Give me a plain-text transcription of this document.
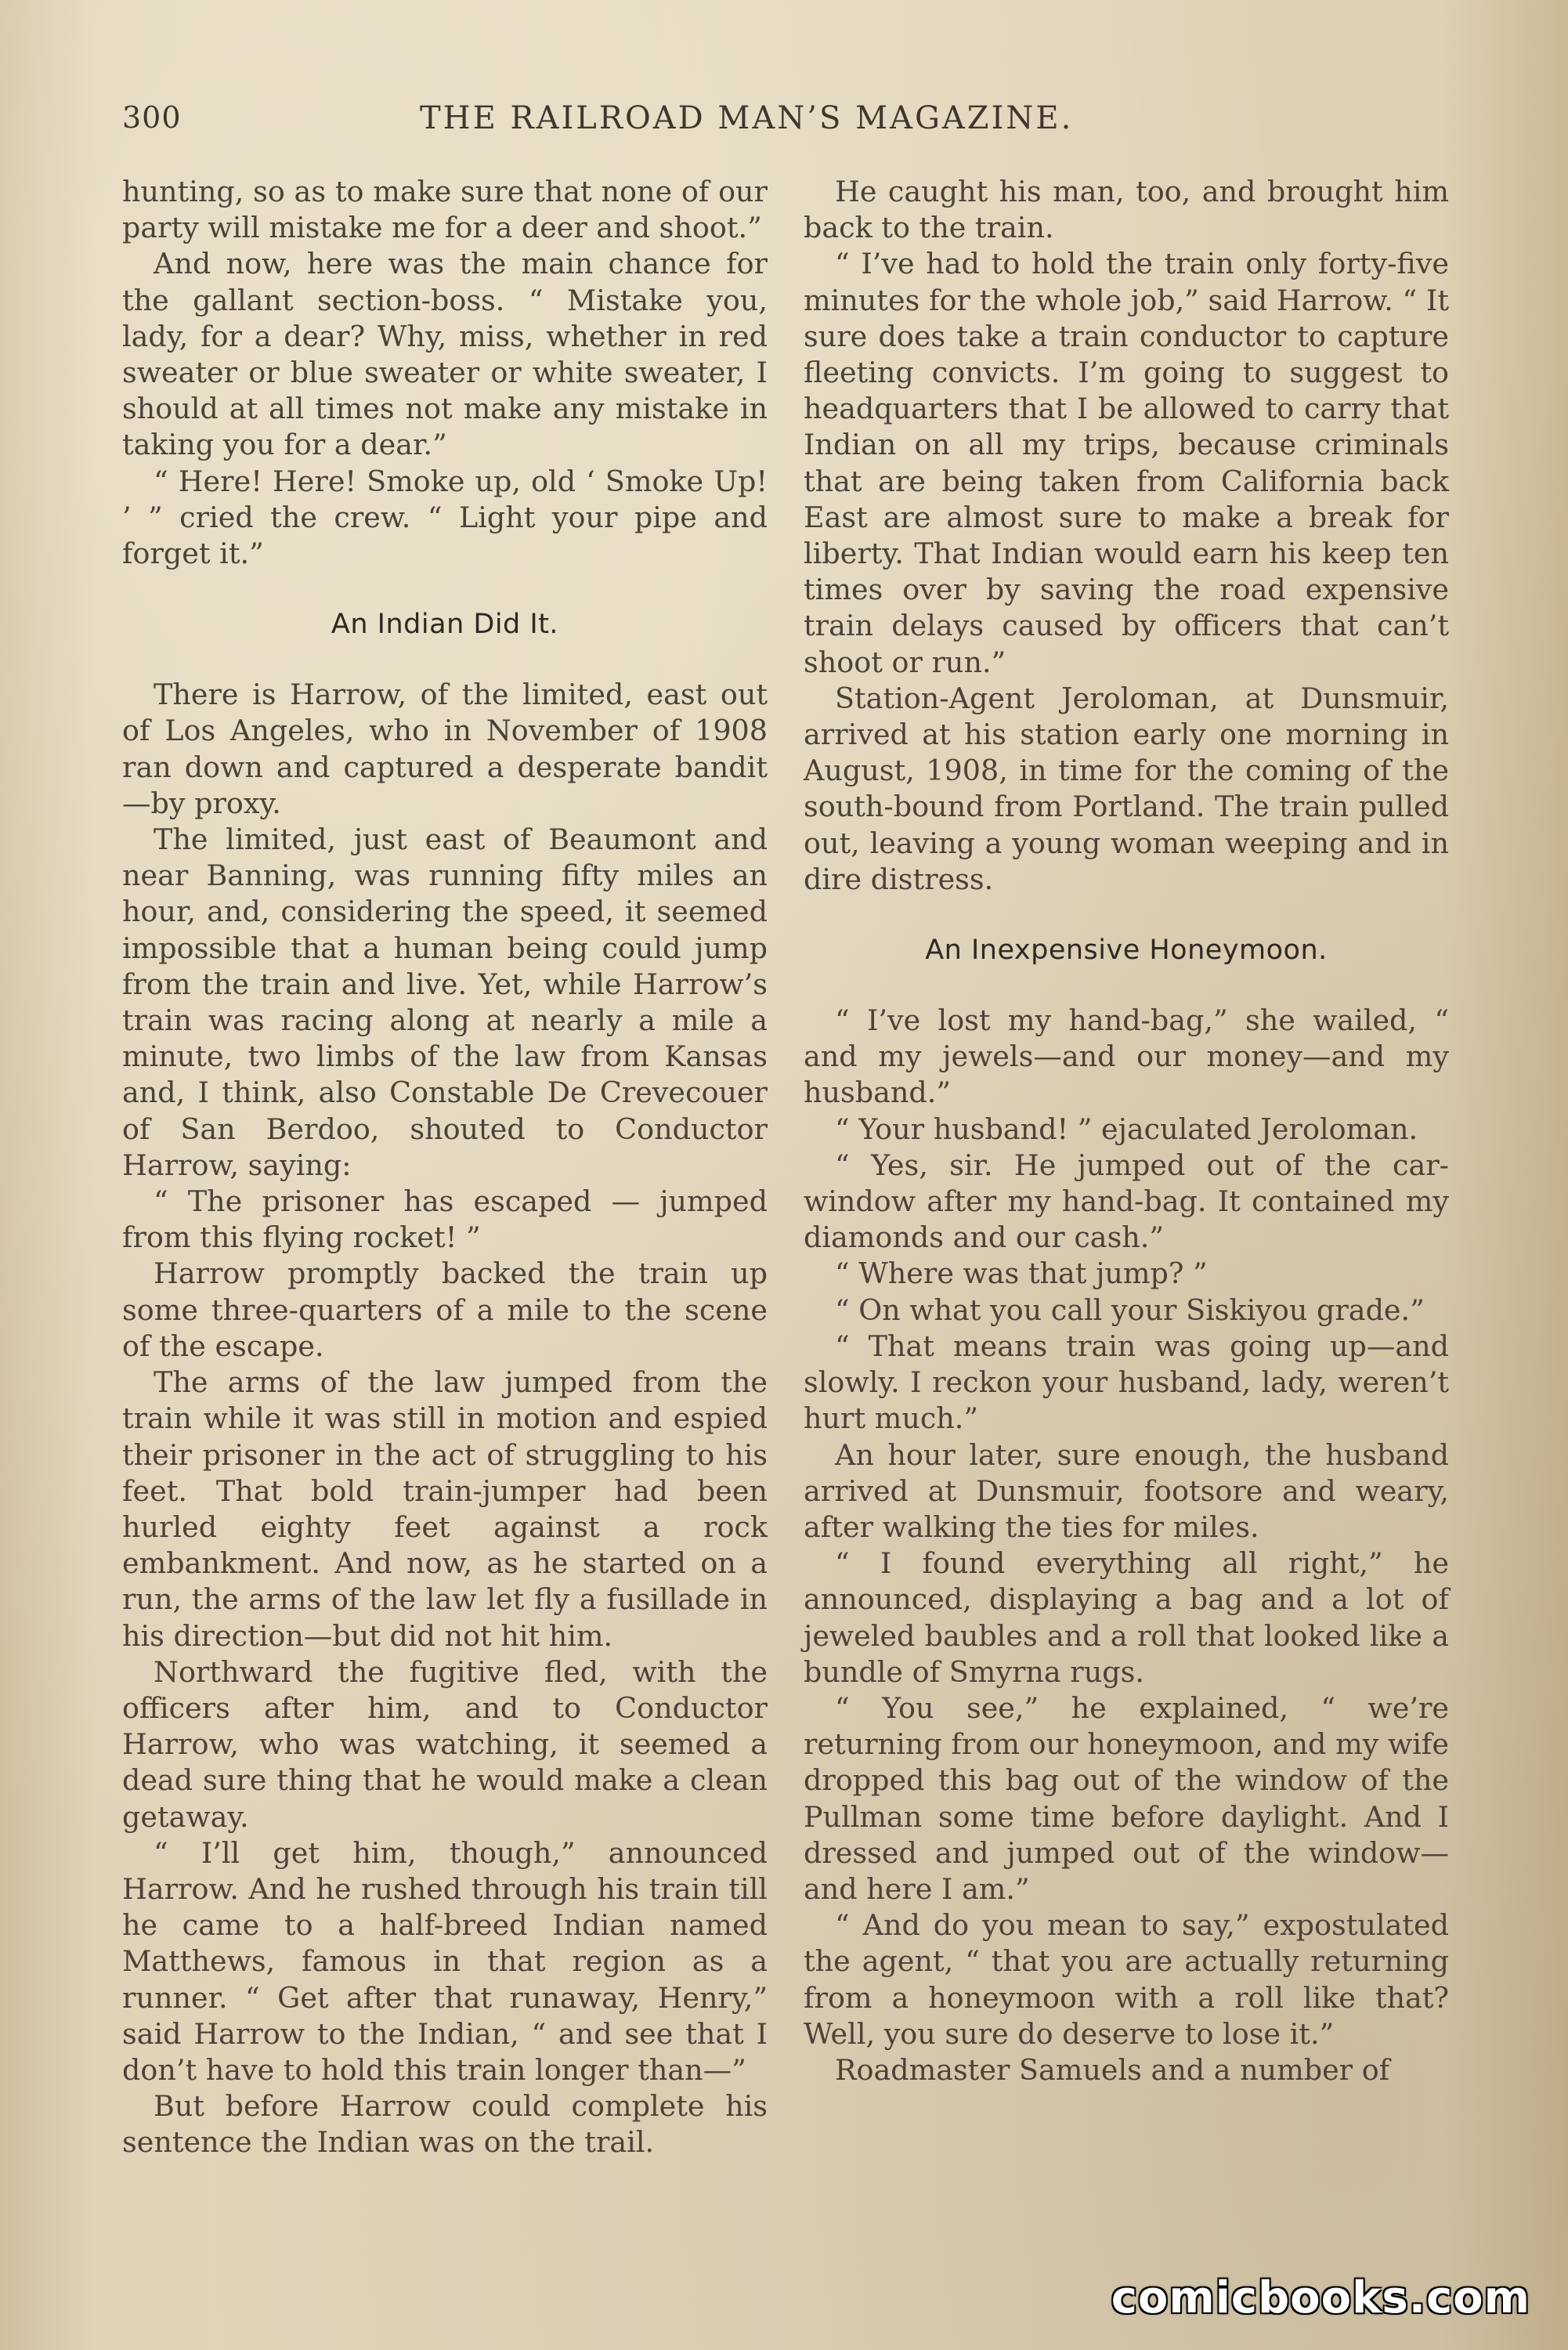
300	THE RAILROAD MAN’S MAGAZINE.

hunting, so as to make sure that none of our party will mistake me for a deer and shoot.”

And now, here was the main chance for the gallant section-boss. “ Mistake you, lady, for a dear? Why, miss, whether in red sweater or blue sweater or white sweater, I should at all times not make any mistake in taking you for a dear.”

“ Here! Here! Smoke up, old ‘ Smoke Up! ’ ” cried the crew. “ Light your pipe and forget it.”

An Indian Did It.

There is Harrow, of the limited, east out of Los Angeles, who in November of 1908 ran down and captured a desperate bandit—by proxy.

The limited, just east of Beaumont and near Banning, was running fifty miles an hour, and, considering the speed, it seemed impossible that a human being could jump from the train and live. Yet, while Harrow’s train was racing along at nearly a mile a minute, two limbs of the law from Kansas and, I think, also Constable De Crevecouer of San Berdoo, shouted to Conductor Harrow, saying:

“ The prisoner has escaped — jumped from this flying rocket! ”

Harrow promptly backed the train up some three-quarters of a mile to the scene of the escape.

The arms of the law jumped from the train while it was still in motion and espied their prisoner in the act of struggling to his feet. That bold train-jumper had been hurled eighty feet against a rock embankment. And now, as he started on a run, the arms of the law let fly a fusillade in his direction—but did not hit him.

Northward the fugitive fled, with the officers after him, and to Conductor Harrow, who was watching, it seemed a dead sure thing that he would make a clean getaway.

“ I’ll get him, though,” announced Harrow. And he rushed through his train till he came to a half-breed Indian named Matthews, famous in that region as a runner. “ Get after that runaway, Henry,” said Harrow to the Indian, “ and see that I don’t have to hold this train longer than—”

But before Harrow could complete his sentence the Indian was on the trail.

He caught his man, too, and brought him back to the train.

“ I’ve had to hold the train only forty-five minutes for the whole job,” said Harrow. “ It sure does take a train conductor to capture fleeting convicts. I’m going to suggest to headquarters that I be allowed to carry that Indian on all my trips, because criminals that are being taken from California back East are almost sure to make a break for liberty. That Indian would earn his keep ten times over by saving the road expensive train delays caused by officers that can’t shoot or run.”

Station-Agent Jeroloman, at Dunsmuir, arrived at his station early one morning in August, 1908, in time for the coming of the south-bound from Portland. The train pulled out, leaving a young woman weeping and in dire distress.

An Inexpensive Honeymoon.

“ I’ve lost my hand-bag,” she wailed, “ and my jewels—and our money—and my husband.”

“ Your husband! ” ejaculated Jeroloman.

“ Yes, sir. He jumped out of the car-window after my hand-bag. It contained my diamonds and our cash.”

“ Where was that jump? ”

“ On what you call your Siskiyou grade.”

“ That means train was going up—and slowly. I reckon your husband, lady, weren’t hurt much.”

An hour later, sure enough, the husband arrived at Dunsmuir, footsore and weary, after walking the ties for miles.

“ I found everything all right,” he announced, displaying a bag and a lot of jeweled baubles and a roll that looked like a bundle of Smyrna rugs.

“ You see,” he explained, “ we’re returning from our honeymoon, and my wife dropped this bag out of the window of the Pullman some time before daylight. And I dressed and jumped out of the window—and here I am.”

“ And do you mean to say,” expostulated the agent, “ that you are actually returning from a honeymoon with a roll like that? Well, you sure do deserve to lose it.”

Roadmaster Samuels and a number of

comicbooks.com
